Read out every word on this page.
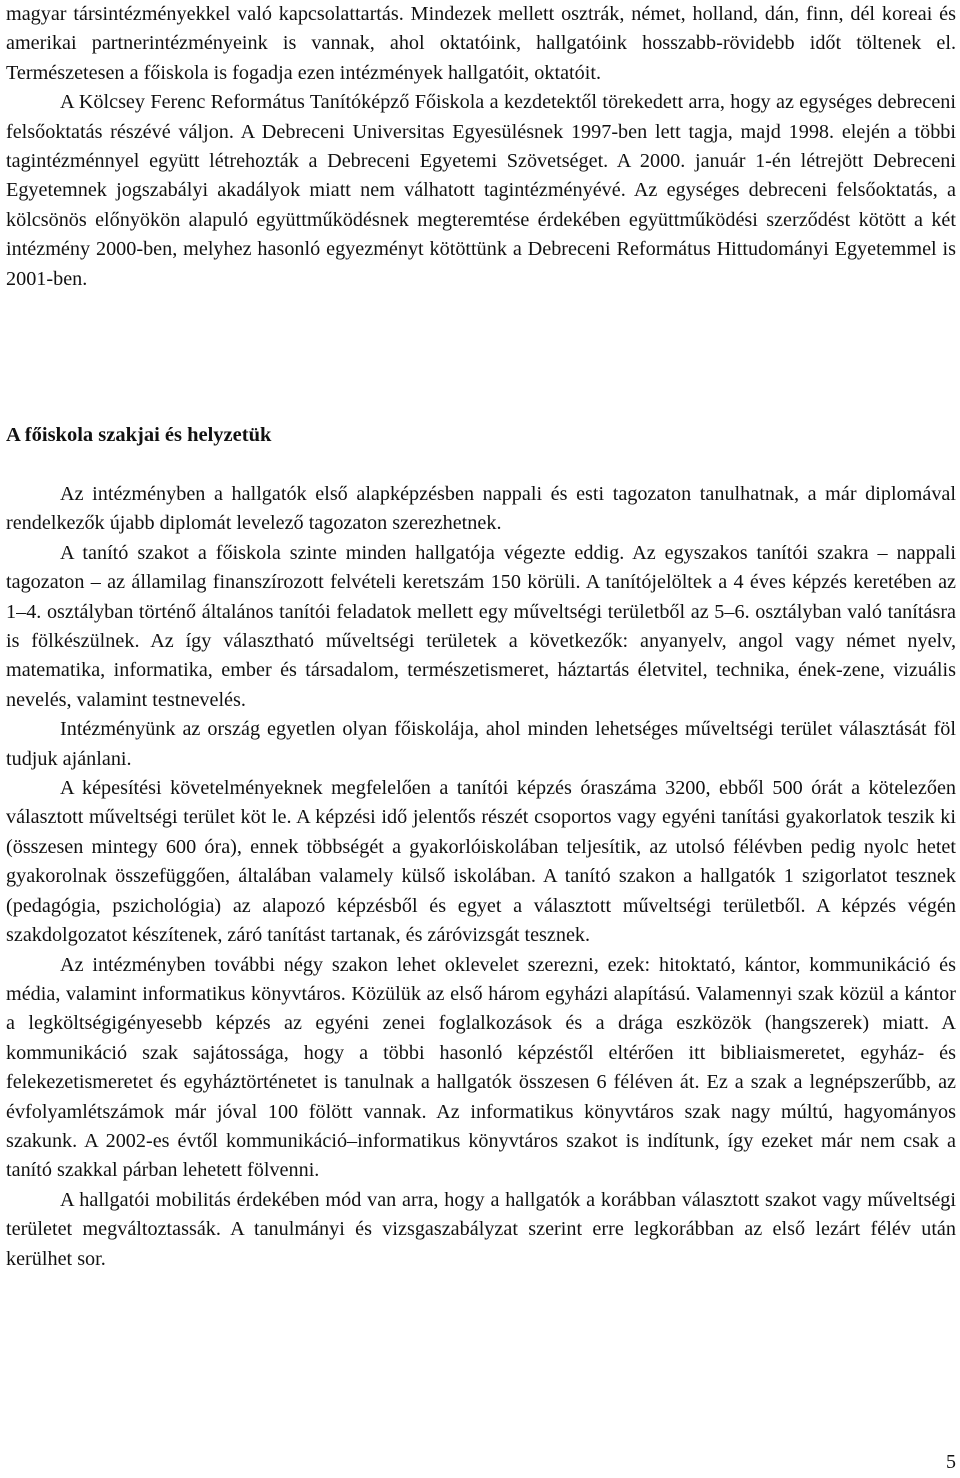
magyar társintézményekkel való kapcsolattartás. Mindezek mellett osztrák, német, holland, dán, finn, dél koreai és amerikai partnerintézményeink is vannak, ahol oktatóink, hallgatóink hosszabb-rövidebb időt töltenek el. Természetesen a főiskola is fogadja ezen intézmények hallgatóit, oktatóit.

A Kölcsey Ferenc Református Tanítóképző Főiskola a kezdetektől törekedett arra, hogy az egységes debreceni felsőoktatás részévé váljon. A Debreceni Universitas Egyesülésnek 1997-ben lett tagja, majd 1998. elején a többi tagintézménnyel együtt létrehozták a Debreceni Egyetemi Szövetséget. A 2000. január 1-én létrejött Debreceni Egyetemnek jogszabályi akadályok miatt nem válhatott tagintézményévé. Az egységes debreceni felsőoktatás, a kölcsönös előnyökön alapuló együttműködésnek megteremtése érdekében együttműködési szerződést kötött a két intézmény 2000-ben, melyhez hasonló egyezményt kötöttünk a Debreceni Református Hittudományi Egyetemmel is 2001-ben.

A főiskola szakjai és helyzetük

Az intézményben a hallgatók első alapképzésben nappali és esti tagozaton tanulhatnak, a már diplomával rendelkezők újabb diplomát levelező tagozaton szerezhetnek.

A tanító szakot a főiskola szinte minden hallgatója végezte eddig. Az egyszakos tanítói szakra – nappali tagozaton – az államilag finanszírozott felvételi keretszám 150 körüli. A tanítójelöltek a 4 éves képzés keretében az 1–4. osztályban történő általános tanítói feladatok mellett egy műveltségi területből az 5–6. osztályban való tanításra is fölkészülnek. Az így választható műveltségi területek a következők: anyanyelv, angol vagy német nyelv, matematika, informatika, ember és társadalom, természetismeret, háztartás életvitel, technika, ének-zene, vizuális nevelés, valamint testnevelés.

Intézményünk az ország egyetlen olyan főiskolája, ahol minden lehetséges műveltségi terület választását föl tudjuk ajánlani.

A képesítési követelményeknek megfelelően a tanítói képzés óraszáma 3200, ebből 500 órát a kötelezően választott műveltségi terület köt le. A képzési idő jelentős részét csoportos vagy egyéni tanítási gyakorlatok teszik ki (összesen mintegy 600 óra), ennek többségét a gyakorlóiskolában teljesítik, az utolsó félévben pedig nyolc hetet gyakorolnak összefüggően, általában valamely külső iskolában. A tanító szakon a hallgatók 1 szigorlatot tesznek (pedagógia, pszichológia) az alapozó képzésből és egyet a választott műveltségi területből. A képzés végén szakdolgozatot készítenek, záró tanítást tartanak, és záróvizsgát tesznek.

Az intézményben további négy szakon lehet oklevelet szerezni, ezek: hitoktató, kántor, kommunikáció és média, valamint informatikus könyvtáros. Közülük az első három egyházi alapítású. Valamennyi szak közül a kántor a legköltségigényesebb képzés az egyéni zenei foglalkozások és a drága eszközök (hangszerek) miatt. A kommunikáció szak sajátossága, hogy a többi hasonló képzéstől eltérően itt bibliaismeretet, egyház- és felekezetismeretet és egyháztörténetet is tanulnak a hallgatók összesen 6 féléven át. Ez a szak a legnépszerűbb, az évfolyamlétszámok már jóval 100 fölött vannak. Az informatikus könyvtáros szak nagy múltú, hagyományos szakunk. A 2002-es évtől kommunikáció–informatikus könyvtáros szakot is indítunk, így ezeket már nem csak a tanító szakkal párban lehetett fölvenni.

A hallgatói mobilitás érdekében mód van arra, hogy a hallgatók a korábban választott szakot vagy műveltségi területet megváltoztassák. A tanulmányi és vizsgaszabályzat szerint erre legkorábban az első lezárt félév után kerülhet sor.

5
